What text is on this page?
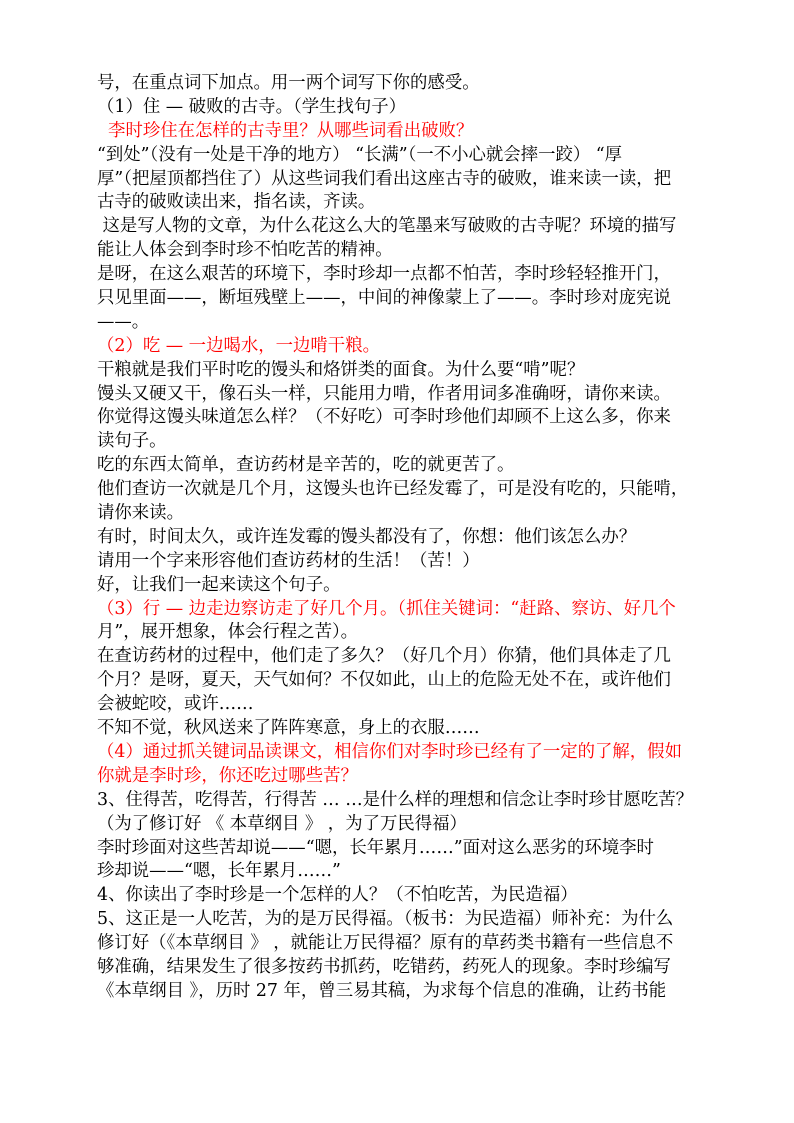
号，在重点词下加点。用一两个词写下你的感受。
（1）住 — 破败的古寺。（学生找句子）
李时珍住在怎样的古寺里？从哪些词看出破败？
“到处”（没有一处是干净的地方） “长满”（一不小心就会摔一跤） “厚
厚”（把屋顶都挡住了）从这些词我们看出这座古寺的破败，谁来读一读，把
古寺的破败读出来，指名读，齐读。
这是写人物的文章，为什么花这么大的笔墨来写破败的古寺呢？环境的描写
能让人体会到李时珍不怕吃苦的精神。
是呀，在这么艰苦的环境下，李时珍却一点都不怕苦，李时珍轻轻推开门，
只见里面——，断垣残壁上——，中间的神像蒙上了——。李时珍对庞宪说
——。
（2）吃 — 一边喝水，一边啃干粮。
干粮就是我们平时吃的馒头和烙饼类的面食。为什么要“啃”呢？
馒头又硬又干，像石头一样，只能用力啃，作者用词多准确呀，请你来读。
你觉得这馒头味道怎么样？（不好吃）可李时珍他们却顾不上这么多，你来
读句子。
吃的东西太简单，查访药材是辛苦的，吃的就更苦了。
他们查访一次就是几个月，这馒头也许已经发霉了，可是没有吃的，只能啃，
请你来读。
有时，时间太久，或许连发霉的馒头都没有了，你想：他们该怎么办？
请用一个字来形容他们查访药材的生活！（苦！）
好，让我们一起来读这个句子。
（3）行 — 边走边察访走了好几个月。（抓住关键词：“赶路、察访、好几个
月”，展开想象，体会行程之苦）。
在查访药材的过程中，他们走了多久？（好几个月）你猜，他们具体走了几
个月？是呀，夏天，天气如何？不仅如此，山上的危险无处不在，或许他们
会被蛇咬，或许……
不知不觉，秋风送来了阵阵寒意，身上的衣服……
（4）通过抓关键词品读课文，相信你们对李时珍已经有了一定的了解，假如
你就是李时珍，你还吃过哪些苦？
3、住得苦，吃得苦，行得苦 … …是什么样的理想和信念让李时珍甘愿吃苦？
（为了修订好 《 本草纲目 》 ，为了万民得福）
李时珍面对这些苦却说——“嗯，长年累月……”面对这么恶劣的环境李时
珍却说——“嗯，长年累月……”
4、你读出了李时珍是一个怎样的人？（不怕吃苦，为民造福）
5、这正是一人吃苦，为的是万民得福。（板书：为民造福）师补充：为什么
修订好（《本草纲目 》 ，就能让万民得福？原有的草药类书籍有一些信息不
够准确，结果发生了很多按药书抓药，吃错药，药死人的现象。李时珍编写
《本草纲目 》，历时 27 年，曾三易其稿，为求每个信息的准确，让药书能
